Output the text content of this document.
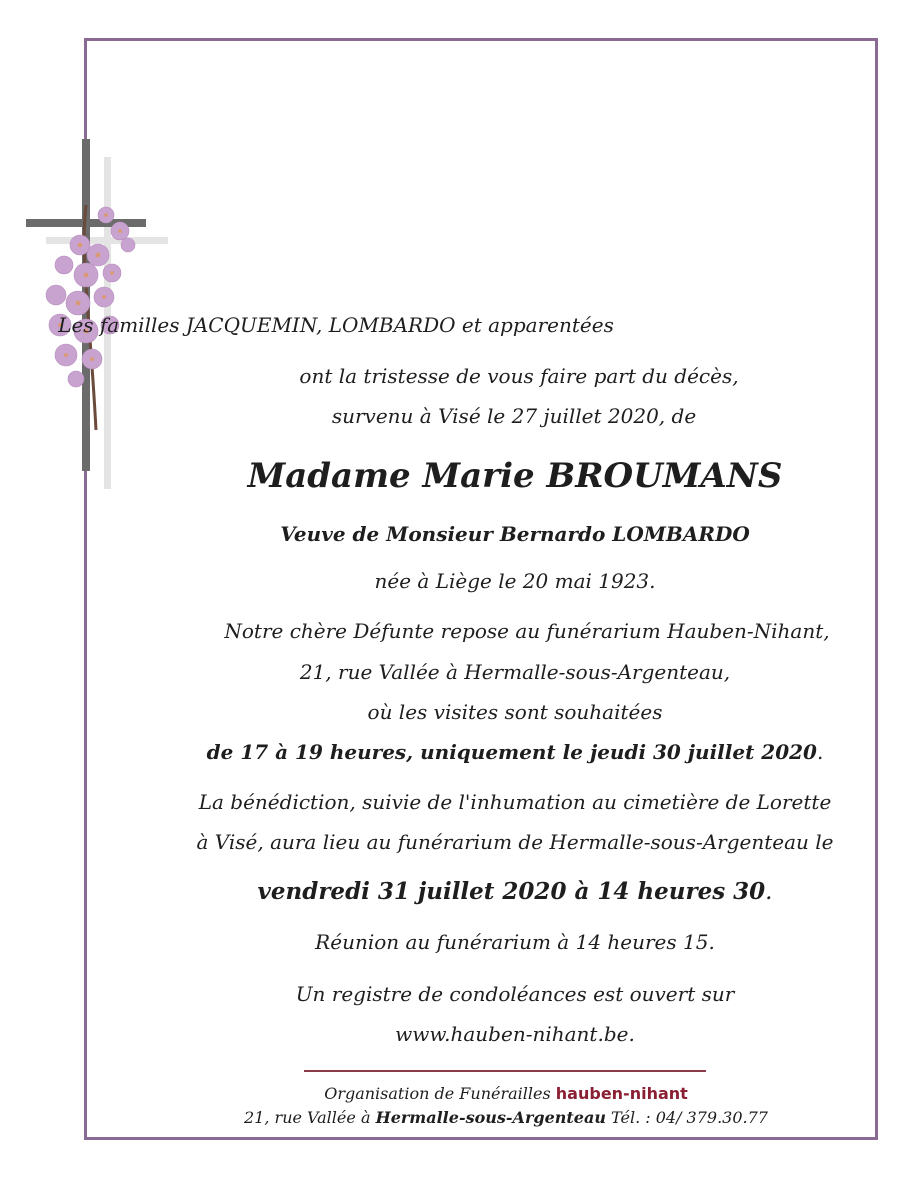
Les familles JACQUEMIN, LOMBARDO et apparentées
ont la tristesse de vous faire part du décès,
survenu à Visé le 27 juillet 2020, de
Madame Marie BROUMANS
Veuve de Monsieur Bernardo LOMBARDO
née à Liège le 20 mai 1923.
Notre chère Défunte repose au funérarium Hauben-Nihant,
21, rue Vallée à Hermalle-sous-Argenteau,
où les visites sont souhaitées
de 17 à 19 heures, uniquement le jeudi 30 juillet 2020.
La bénédiction, suivie de l'inhumation au cimetière de Lorette
à Visé, aura lieu au funérarium de Hermalle-sous-Argenteau le
vendredi 31 juillet 2020 à 14 heures 30.
Réunion au funérarium à 14 heures 15.
Un registre de condoléances est ouvert sur
www.hauben-nihant.be.
Organisation de Funérailles hauben-nihant
21, rue Vallée à Hermalle-sous-Argenteau Tél. : 04/ 379.30.77
